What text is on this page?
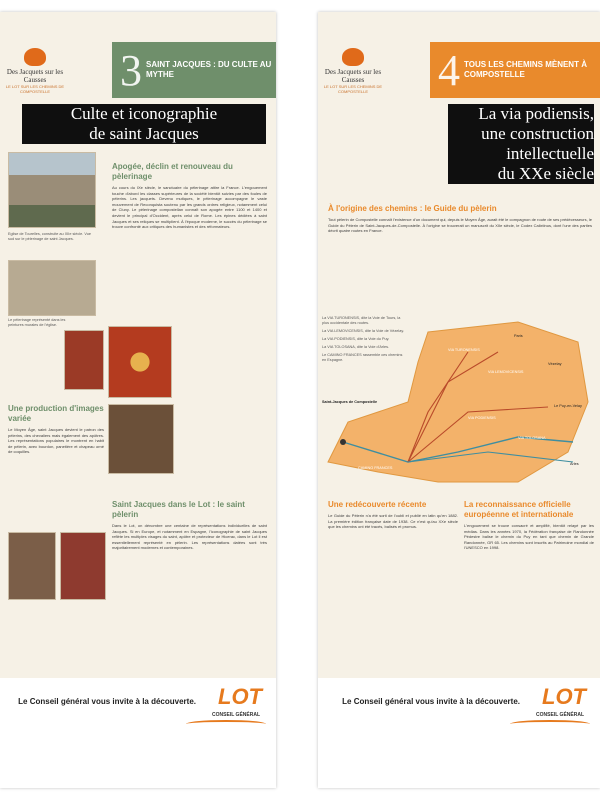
Des Jacquets sur les Causses
LE LOT SUR LES CHEMINS DE COMPOSTELLE	3 SAINT JACQUES : DU CULTE AU MYTHE
Culte et iconographie
de saint Jacques
Eglise de Tourelles, construite au XIIe siècle. Vue sud sur le pèlerinage de saint Jacques.
Le pèlerinage représenté dans les peintures murales de l'église.
Apogée, déclin et renouveau du pèlerinage
Au cours du IXe siècle, le sanctuaire du pèlerinage attire la France. L'engouement touche d'abord les classes supérieures de la société bientôt suivies par des foules de pèlerins. Les jacquets. Devenu mutiques, le pèlerinage accompagne le vaste mouvement de Reconquista soutenu par les grands ordres religieux, notamment celui de Cluny. Le pèlerinage compostellan connaît son apogée entre 1100 et 1400 et devient le principal d'Occident, après celui de Rome. Les épines dédiées à saint Jacques et ses reliques se multiplient. À l'époque moderne, le succès du pèlerinage se trouve confronté aux critiques des humanistes et des réformateurs.
Une production d'images variée
Le Moyen Âge, saint Jacques devient le patron des pèlerins, des chevaliers mais également des apôtres. Les représentations populaires le montrent en habit de pèlerin, avec bourdon, panetière et chapeau orné de coquilles.
Saint Jacques dans le Lot : le saint pèlerin
Dans le Lot, on dénombre une centaine de représentations individuelles de saint Jacques. Si en Europe, et notamment en Espagne, l'iconographie de saint Jacques reflète les multiples visages du saint, apôtre et protecteur de Hicerac, dans le Lot il est essentiellement représenté en pèlerin. Les représentations datées sont très majoritairement modernes et contemporaines.
Le Conseil général vous invite à la découverte. LOT
CONSEIL GÉNÉRAL
Des Jacquets sur les Causses
LE LOT SUR LES CHEMINS DE COMPOSTELLE	4 TOUS LES CHEMINS MÈNENT À COMPOSTELLE
La via podiensis,
une construction
intellectuelle
du XXe siècle
À l'origine des chemins : le Guide du pèlerin
Tout pèlerin de Compostelle connaît l'existence d'un document qui, depuis le Moyen Âge, aurait été le compagnon de route de ses prédécesseurs, le Guide du Pèlerin de Saint-Jacques-de-Compostelle. À l'origine se trouverait un manuscrit du XIIe siècle, le Codex Calixtinus, dont l'une des parties décrit quatre routes en France.
Saint-Jacques de Compostelle
VIA PODIENSIS
VIA LEMOVICENSIS
VIA TURONENSIS
VIA TOLOSANA
CAMINO FRANCES
Le Puy-en-Velay
Arles
Vézelay
Paris
La VIA TURONENSIS, dite la Voie de Tours, la plus occidentale des routes.
La VIA LEMOVICENSIS, dite la Voie de Vézelay.
La VIA PODIENSIS, dite la Voie du Puy.
La VIA TOLOSANA, dite la Voie d'Arles.
Le CAMINO FRANCES rassemble ces chemins en Espagne.
Une redécouverte récente
Le Guide du Pèlerin n'a été sorti de l'oubli et publié en latin qu'en 1882. La première édition française date de 1938. Ce n'est qu'au XXe siècle que les chemins ont été tracés, balisés et promus.
La reconnaissance officielle européenne et internationale
L'engouement se trouve consacré et amplifié, bientôt relayé par les médias. Dans les années 1970, la Fédération française de Randonnée Pédestre balise le chemin du Puy en tant que chemin de Grande Randonnée, GR 65. Les chemins sont inscrits au Patrimoine mondial de l'UNESCO en 1998.
Le Conseil général vous invite à la découverte. LOT
CONSEIL GÉNÉRAL
